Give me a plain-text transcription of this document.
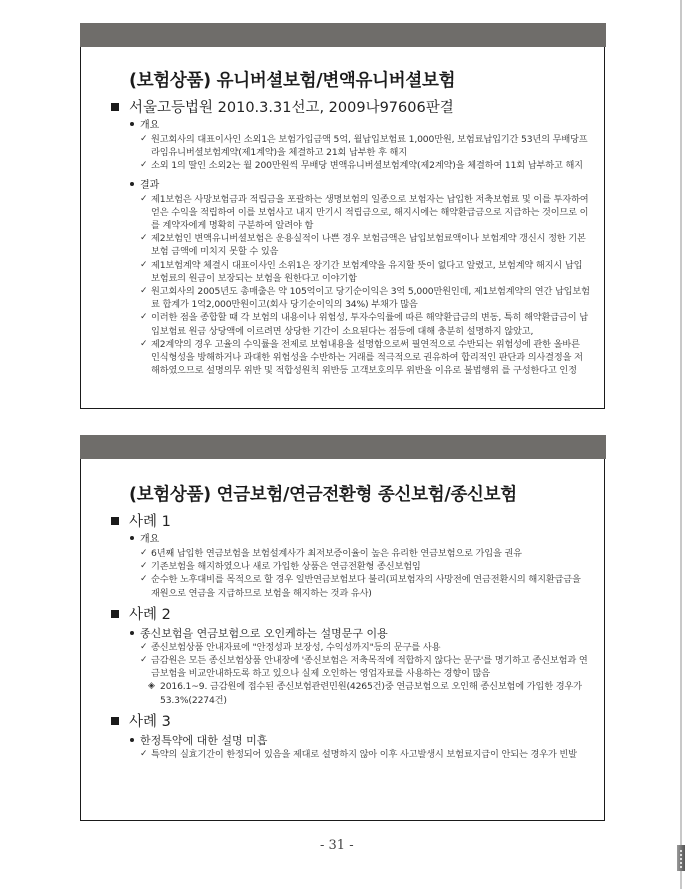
(보험상품) 유니버셜보험/변액유니버셜보험
서울고등법원 2010.3.31선고, 2009나97606판결
개요
✓ 원고회사의 대표이사인 소외1은 보험가입금액 5억, 월납입보험료 1,000만원, 보험료납입기간 53년의 무배당프라임유니버셜보험계약(제1계약)을 체결하고 21회 납부한 후 해지
✓ 소외 1의 딸인 소외2는 월 200만원씩 무배당 변액유니버셜보험계약(제2계약)을 체결하여 11회 납부하고 해지
결과
✓ 제1보험은 사망보험금과 적립금을 포괄하는 생명보험의 일종으로 보험자는 납입한 저축보험료 및 이를 투자하여 얻은 수익을 적립하여 이를 보험사고 내지 만기시 적립금으로, 해지시에는 해약환급금으로 지급하는 것이므로 이를 계약자에게 명확히 구분하여 알려야 함
✓ 제2보험인 변액유니버셜보험은 운용실적이 나쁜 경우 보험금액은 납입보험료액이나 보험계약 갱신시 정한 기본보험 금액에 미치지 못할 수 있음
✓ 제1보험계약 체결시 대표이사인 소위1은 장기간 보험계약을 유지할 뜻이 없다고 알렸고, 보험계약 해지시 납입보험료의 원금이 보장되는 보험을 원한다고 이야기함
✓ 원고회사의 2005년도 총매출은 약 105억이고 당기순이익은 3억 5,000만원인데, 제1보험계약의 연간 납입보험료 합계가 1억2,000만원이고(회사 당기순이익의 34%) 부채가 많음
✓ 이러한 점을 종합할 때 각 보험의 내용이나 위험성, 투자수익률에 따른 해약환급금의 변동, 특히 해약환급금이 납입보험료 원금 상당액에 이르려면 상당한 기간이 소요된다는 점등에 대해 충분히 설명하지 않았고,
✓ 제2계약의 경우 고율의 수익률을 전제로 보험내용을 설명함으로써 필연적으로 수반되는 위험성에 관한 올바른 인식형성을 방해하거나 과대한 위험성을 수반하는 거래를 적극적으로 권유하여 합리적인 판단과 의사결정을 저해하였으므로 설명의무 위반 및 적합성원칙 위반등 고객보호의무 위반을 이유로 불법행위 를 구성한다고 인정
(보험상품) 연금보험/연금전환형 종신보험/종신보험
사례 1
개요
✓ 6년째 납입한 연금보험을 보험설계사가 최저보증이율이 높은 유리한 연금보험으로 가입을 권유
✓ 기존보험을 해지하였으나 새로 가입한 상품은 연금전환형 종신보험임
✓ 순수한 노후대비를 목적으로 할 경우 일반연금보험보다 불리(피보험자의 사망전에 연금전환시의 해지환급금을 재원으로 연금을 지급하므로 보험을 해지하는 것과 유사)
사례 2
종신보험을 연금보험으로 오인케하는 설명문구 이용
✓ 종신보험상품 안내자료에 "안정성과 보장성, 수익성까지"등의 문구를 사용
✓ 금감원은 모든 종신보험상품 안내장에 '종신보험은 저축목적에 적합하지 않다는 문구'를 명기하고 종신보험과 연금보험을 비교안내하도록 하고 있으나 실제 오인하는 영업자료를 사용하는 경향이 많음
◈ 2016.1~9. 금감원에 접수된 종신보험관련민원(4265건)중 연금보험으로 오인해 종신보험에 가입한 경우가 53.3%(2274건)
사례 3
한정특약에 대한 설명 미흡
✓ 특약의 실효기간이 한정되어 있음을 제대로 설명하지 않아 이후 사고발생시 보험료지급이 안되는 경우가 빈발
- 31 -
